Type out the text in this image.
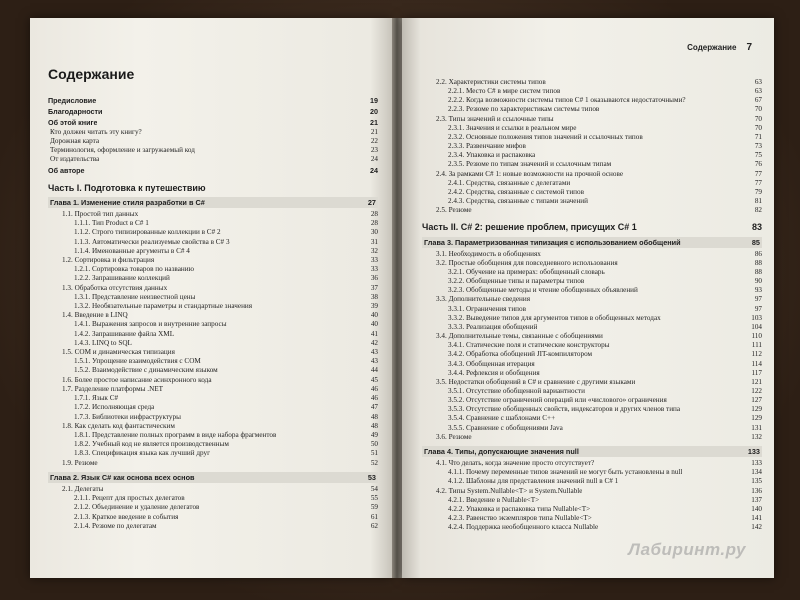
Содержание
Предисловие	19
Благодарности	20
Об этой книге	21
Кто должен читать эту книгу?	21
Дорожная карта	22
Терминология, оформление и загружаемый код	23
От издательства	24
Об авторе	24
Часть I. Подготовка к путешествию
Глава 1. Изменение стиля разработки в C#	27
1.1. Простой тип данных	28
1.1.1. Тип Product в C# 1	28
1.1.2. Строго типизированные коллекции в C# 2	30
1.1.3. Автоматически реализуемые свойства в C# 3	31
1.1.4. Именованные аргументы в C# 4	32
1.2. Сортировка и фильтрация	33
1.2.1. Сортировка товаров по названию	33
1.2.2. Запрашивание коллекций	36
1.3. Обработка отсутствия данных	37
1.3.1. Представление неизвестной цены	38
1.3.2. Необязательные параметры и стандартные значения	39
1.4. Введение в LINQ	40
1.4.1. Выражения запросов и внутренние запросы	40
1.4.2. Запрашивание файла XML	41
1.4.3. LINQ to SQL	42
1.5. COM и динамическая типизация	43
1.5.1. Упрощение взаимодействия с COM	43
1.5.2. Взаимодействие с динамическим языком	44
1.6. Более простое написание асинхронного кода	45
1.7. Разделение платформы .NET	46
1.7.1. Язык C#	46
1.7.2. Исполняющая среда	47
1.7.3. Библиотеки инфраструктуры	48
1.8. Как сделать код фантастическим	48
1.8.1. Представление полных программ в виде набора фрагментов	49
1.8.2. Учебный код не является производственным	50
1.8.3. Спецификация языка как лучший друг	51
1.9. Резюме	52
Глава 2. Язык C# как основа всех основ	53
2.1. Делегаты	54
2.1.1. Рецепт для простых делегатов	55
2.1.2. Объединение и удаление делегатов	59
2.1.3. Краткое введение в события	61
2.1.4. Резюме по делегатам	62
Содержание 7
2.2. Характеристики системы типов	63
2.2.1. Место C# в мире систем типов	63
2.2.2. Когда возможности системы типов C# 1 оказываются недостаточными?	67
2.2.3. Резюме по характеристикам системы типов	70
2.3. Типы значений и ссылочные типы	70
2.3.1. Значения и ссылки в реальном мире	70
2.3.2. Основные положения типов значений и ссылочных типов	71
2.3.3. Развенчание мифов	73
2.3.4. Упаковка и распаковка	75
2.3.5. Резюме по типам значений и ссылочным типам	76
2.4. За рамками C# 1: новые возможности на прочной основе	77
2.4.1. Средства, связанные с делегатами	77
2.4.2. Средства, связанные с системой типов	79
2.4.3. Средства, связанные с типами значений	81
2.5. Резюме	82
Часть II. C# 2: решение проблем, присущих C# 1	83
Глава 3. Параметризованная типизация с использованием обобщений	85
3.1. Необходимость в обобщениях	86
3.2. Простые обобщения для повседневного использования	88
3.2.1. Обучение на примерах: обобщенный словарь	88
3.2.2. Обобщенные типы и параметры типов	90
3.2.3. Обобщенные методы и чтение обобщенных объявлений	93
3.3. Дополнительные сведения	97
3.3.1. Ограничения типов	97
3.3.2. Выведение типов для аргументов типов в обобщенных методах	103
3.3.3. Реализация обобщений	104
3.4. Дополнительные темы, связанные с обобщениями	110
3.4.1. Статические поля и статические конструкторы	111
3.4.2. Обработка обобщений JIT-компилятором	112
3.4.3. Обобщенная итерация	114
3.4.4. Рефлексия и обобщения	117
3.5. Недостатки обобщений в C# и сравнение с другими языками	121
3.5.1. Отсутствие обобщенной вариантности	122
3.5.2. Отсутствие ограничений операций или «числового» ограничения	127
3.5.3. Отсутствие обобщенных свойств, индексаторов и других членов типа	129
3.5.4. Сравнение с шаблонами C++	129
3.5.5. Сравнение с обобщениями Java	131
3.6. Резюме	132
Глава 4. Типы, допускающие значения null	133
4.1. Что делать, когда значение просто отсутствует?	133
4.1.1. Почему переменные типов значений не могут быть установлены в null	134
4.1.2. Шаблоны для представления значений null в C# 1	135
4.2. Типы System.Nullable<T> и System.Nullable	136
4.2.1. Введение в Nullable<T>	137
4.2.2. Упаковка и распаковка типа Nullable<T>	140
4.2.3. Равенство экземпляров типа Nullable<T>	141
4.2.4. Поддержка необобщенного класса Nullable	142
Лабиринт.ру
